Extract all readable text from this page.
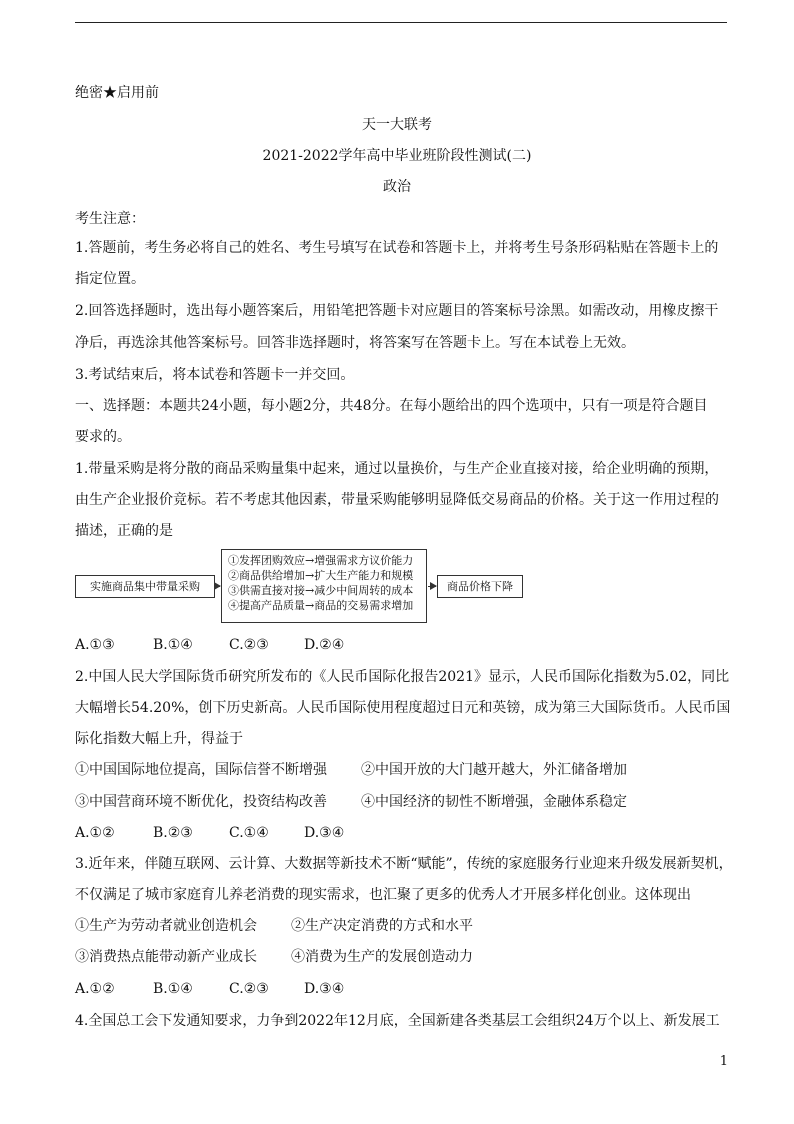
绝密★启用前
天一大联考
2021-2022学年高中毕业班阶段性测试(二)
政治
考生注意：
1.答题前，考生务必将自己的姓名、考生号填写在试卷和答题卡上，并将考生号条形码粘贴在答题卡上的
指定位置。
2.回答选择题时，选出每小题答案后，用铅笔把答题卡对应题目的答案标号涂黑。如需改动，用橡皮擦干
净后，再选涂其他答案标号。回答非选择题时，将答案写在答题卡上。写在本试卷上无效。
3.考试结束后，将本试卷和答题卡一并交回。
一、选择题：本题共24小题，每小题2分，共48分。在每小题给出的四个选项中，只有一项是符合题目
要求的。
1.带量采购是将分散的商品采购量集中起来，通过以量换价，与生产企业直接对接，给企业明确的预期，
由生产企业报价竞标。若不考虑其他因素，带量采购能够明显降低交易商品的价格。关于这一作用过程的
描述，正确的是
实施商品集中带量采购
①发挥团购效应→增强需求方议价能力
②商品供给增加→扩大生产能力和规模
③供需直接对接→减少中间周转的成本
④提高产品质量→商品的交易需求增加
商品价格下降
A.①③	B.①④	C.②③	D.②④
2.中国人民大学国际货币研究所发布的《人民币国际化报告2021》显示，人民币国际化指数为5.02，同比
大幅增长54.20%，创下历史新高。人民币国际使用程度超过日元和英镑，成为第三大国际货币。人民币国
际化指数大幅上升，得益于
①中国国际地位提高，国际信誉不断增强 ②中国开放的大门越开越大，外汇储备增加
③中国营商环境不断优化，投资结构改善 ④中国经济的韧性不断增强，金融体系稳定
A.①②	B.②③	C.①④	D.③④
3.近年来，伴随互联网、云计算、大数据等新技术不断“赋能”，传统的家庭服务行业迎来升级发展新契机，
不仅满足了城市家庭育儿养老消费的现实需求，也汇聚了更多的优秀人才开展多样化创业。这体现出
①生产为劳动者就业创造机会 ②生产决定消费的方式和水平
③消费热点能带动新产业成长 ④消费为生产的发展创造动力
A.①②	B.①④	C.②③	D.③④
4.全国总工会下发通知要求，力争到2022年12月底，全国新建各类基层工会组织24万个以上、新发展工
1
